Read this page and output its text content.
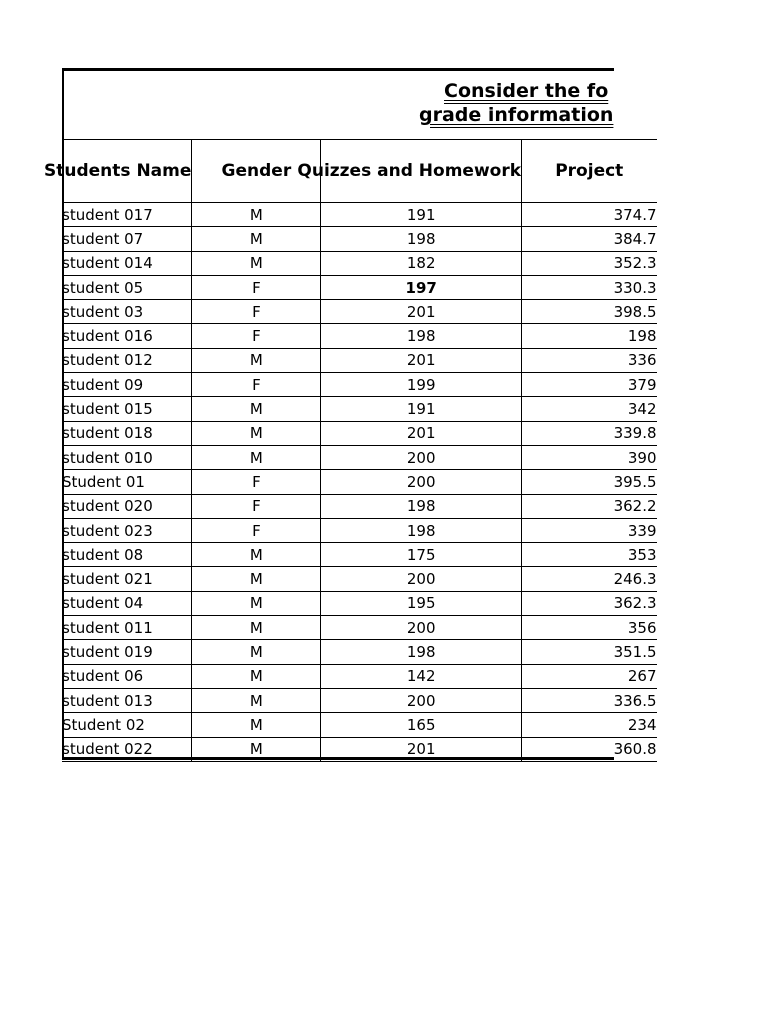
Consider the fo
grade information
Students Name	Gender	Quizzes and Homework	Project
student 017	M	191	374.7
student 07	M	198	384.7
student 014	M	182	352.3
student 05	F	197	330.3
student 03	F	201	398.5
student 016	F	198	198
student 012	M	201	336
student 09	F	199	379
student 015	M	191	342
student 018	M	201	339.8
student 010	M	200	390
Student 01	F	200	395.5
student 020	F	198	362.2
student 023	F	198	339
student 08	M	175	353
student 021	M	200	246.3
student 04	M	195	362.3
student 011	M	200	356
student 019	M	198	351.5
student 06	M	142	267
student 013	M	200	336.5
Student 02	M	165	234
student 022	M	201	360.8
